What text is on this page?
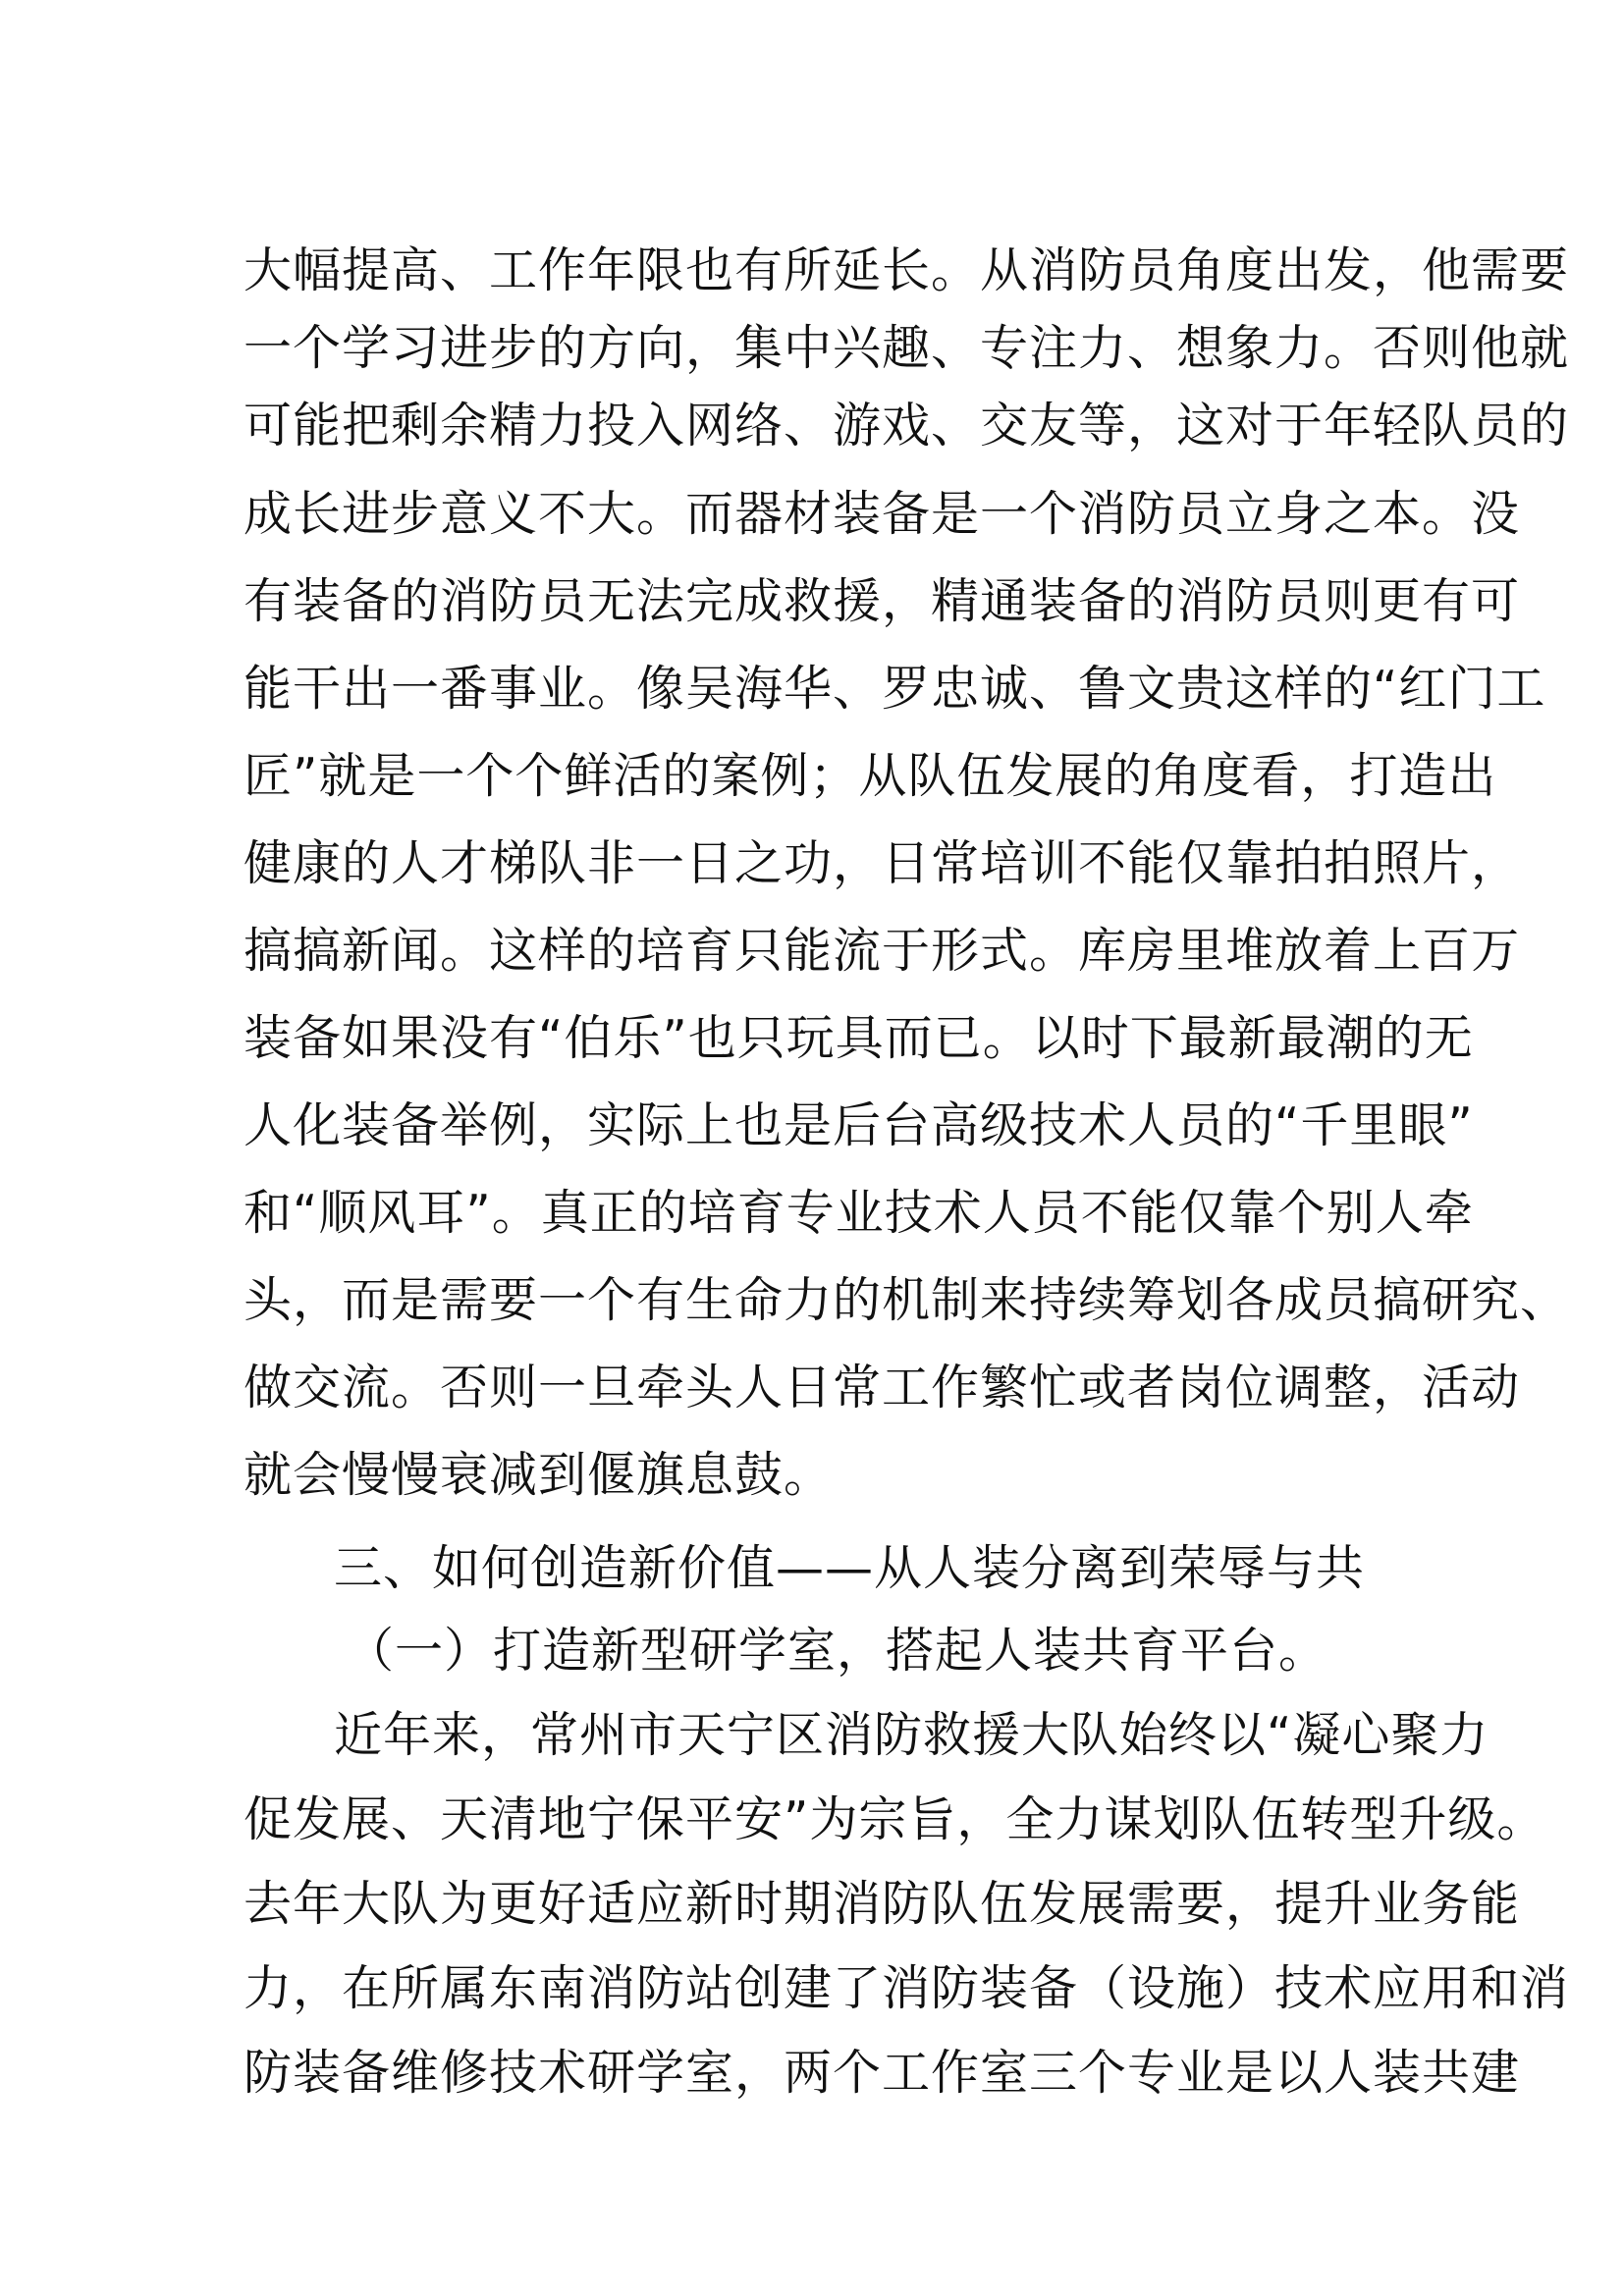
大幅提高、工作年限也有所延长。从消防员角度出发，他需要

一个学习进步的方向，集中兴趣、专注力、想象力。否则他就

可能把剩余精力投入网络、游戏、交友等，这对于年轻队员的

成长进步意义不大。而器材装备是一个消防员立身之本。没

有装备的消防员无法完成救援，精通装备的消防员则更有可

能干出一番事业。像吴海华、罗忠诚、鲁文贵这样的“红门工

匠”就是一个个鲜活的案例；从队伍发展的角度看，打造出

健康的人才梯队非一日之功，日常培训不能仅靠拍拍照片，

搞搞新闻。这样的培育只能流于形式。库房里堆放着上百万

装备如果没有“伯乐”也只玩具而已。以时下最新最潮的无

人化装备举例，实际上也是后台高级技术人员的“千里眼”

和“顺风耳”。真正的培育专业技术人员不能仅靠个别人牵

头，而是需要一个有生命力的机制来持续筹划各成员搞研究、

做交流。否则一旦牵头人日常工作繁忙或者岗位调整，活动

就会慢慢衰减到偃旗息鼓。

三、如何创造新价值——从人装分离到荣辱与共

（一）打造新型研学室，搭起人装共育平台。

近年来，常州市天宁区消防救援大队始终以“凝心聚力

促发展、天清地宁保平安”为宗旨，全力谋划队伍转型升级。

去年大队为更好适应新时期消防队伍发展需要，提升业务能

力，在所属东南消防站创建了消防装备（设施）技术应用和消

防装备维修技术研学室，两个工作室三个专业是以人装共建
